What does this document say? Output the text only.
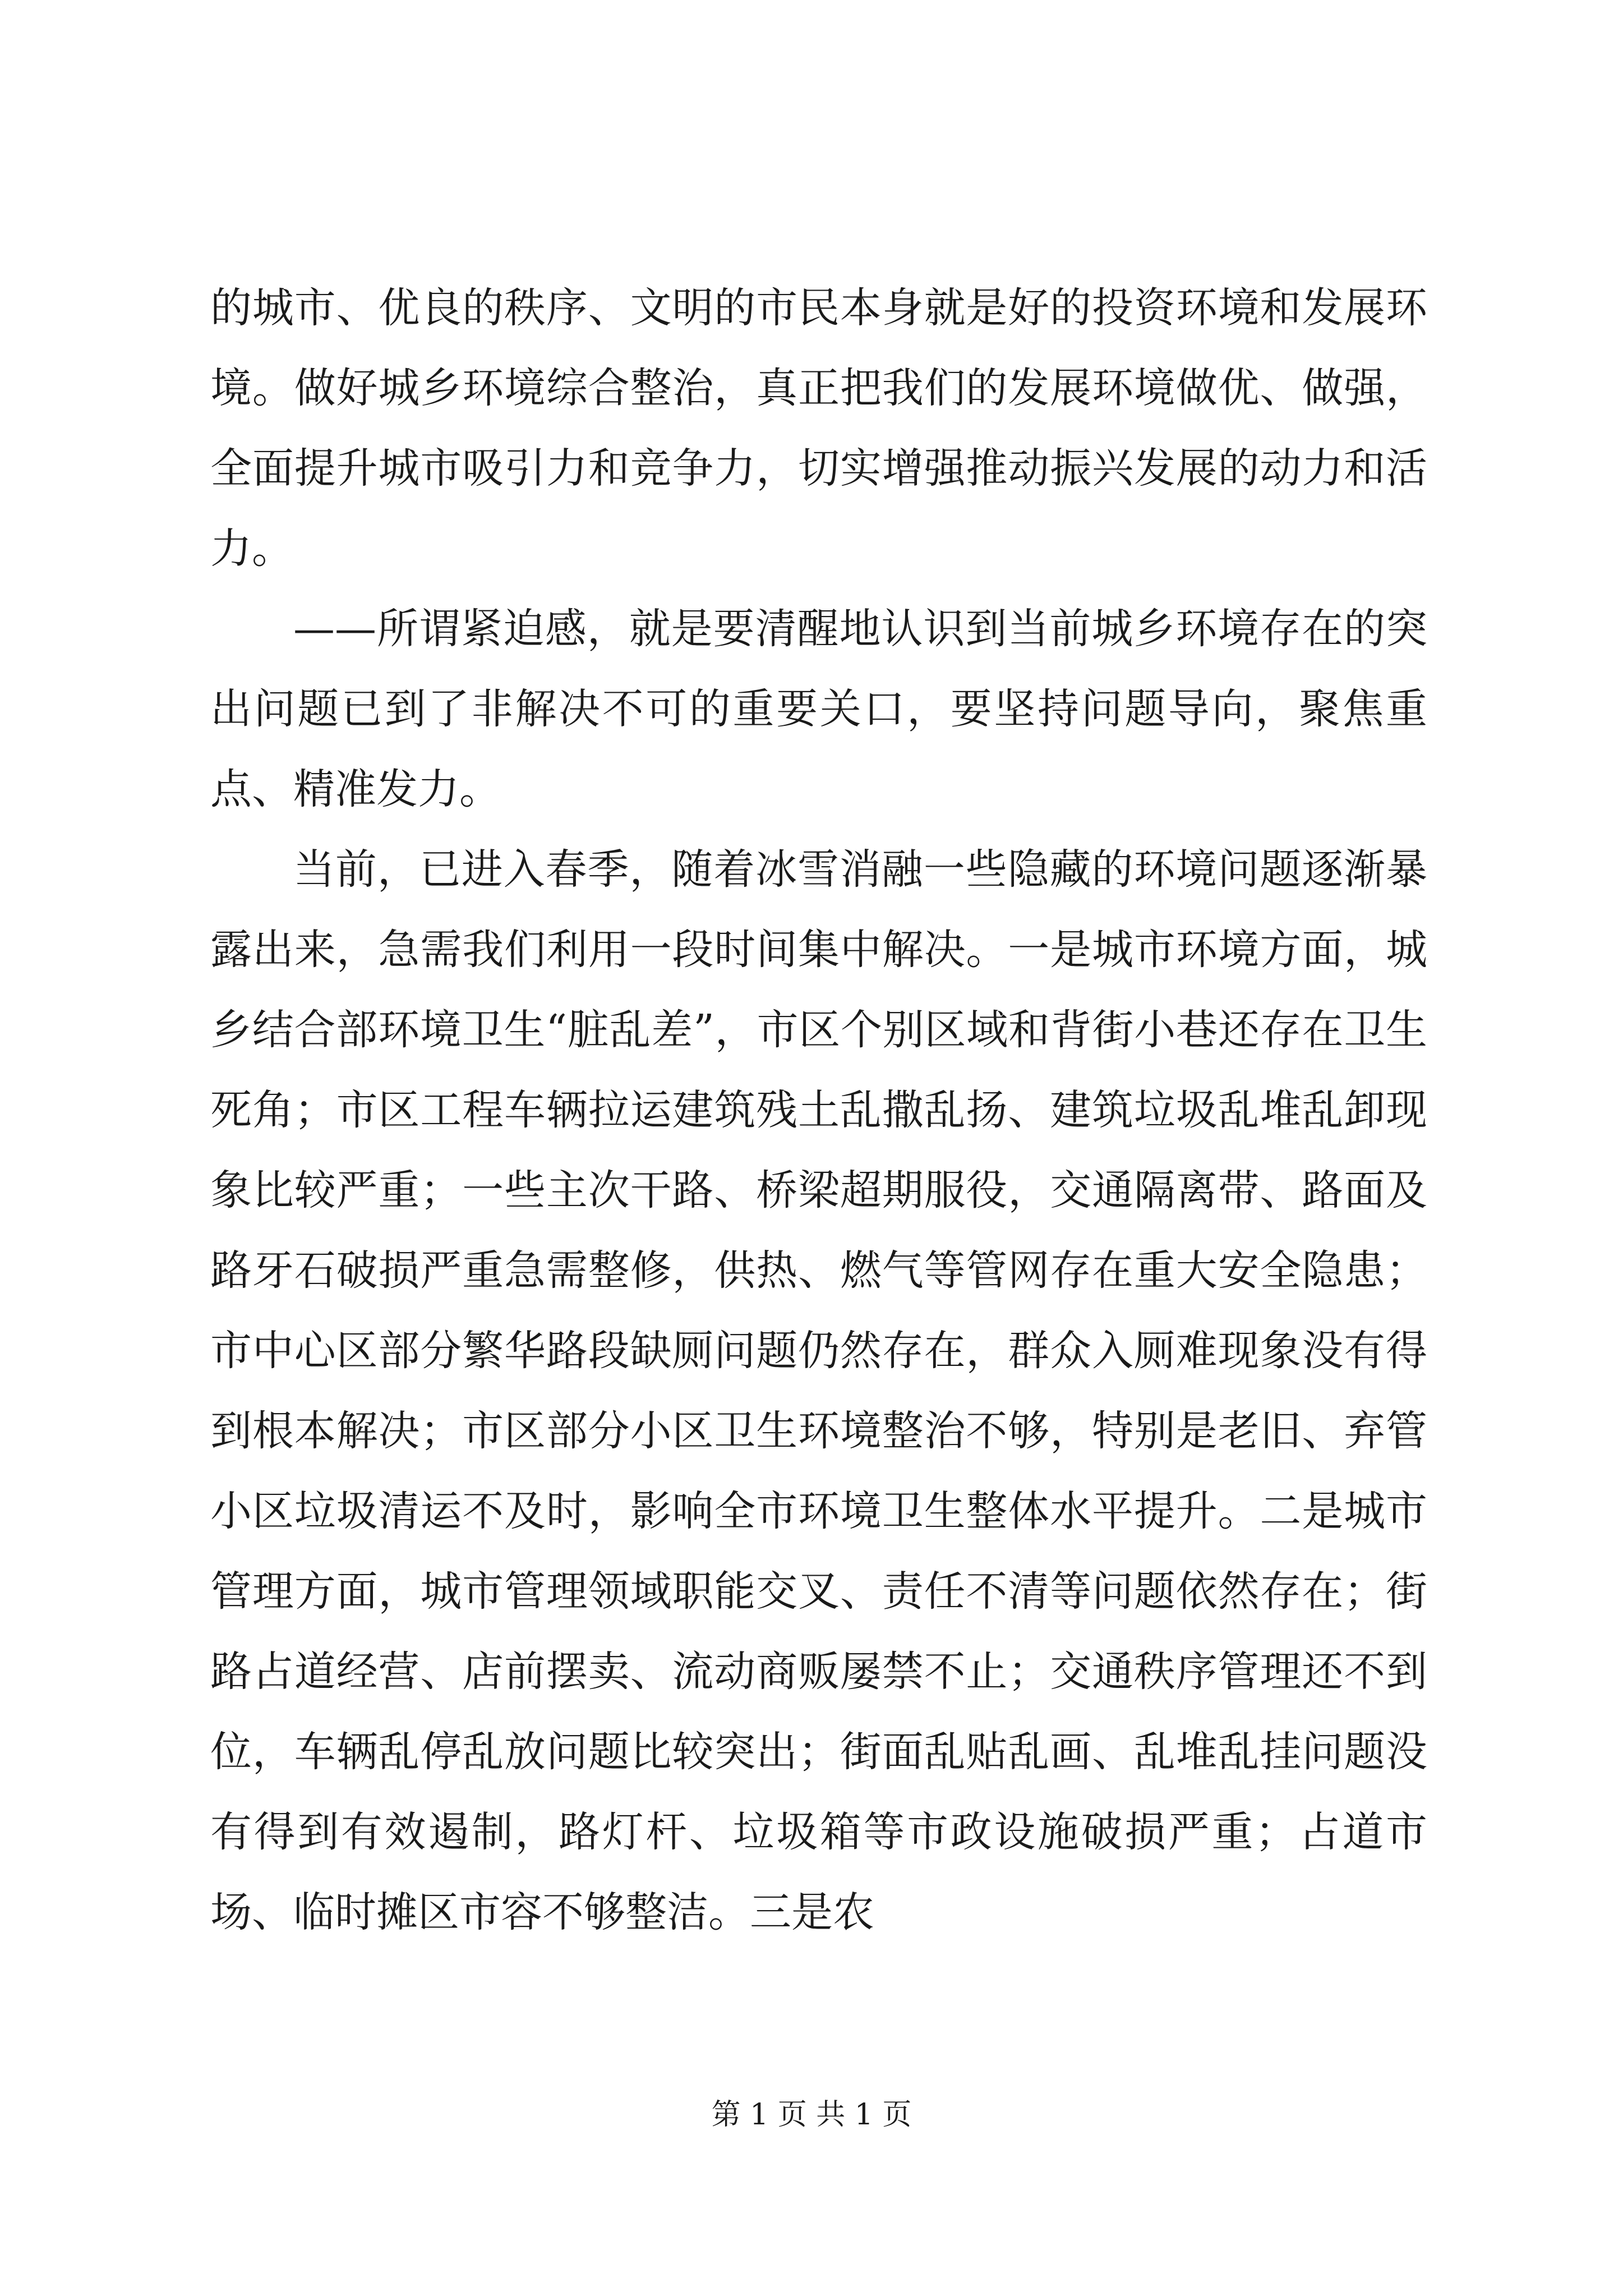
的城市、优良的秩序、文明的市民本身就是好的投资环境和发展环境。做好城乡环境综合整治，真正把我们的发展环境做优、做强，全面提升城市吸引力和竞争力，切实增强推动振兴发展的动力和活力。

——所谓紧迫感，就是要清醒地认识到当前城乡环境存在的突出问题已到了非解决不可的重要关口，要坚持问题导向，聚焦重点、精准发力。

当前，已进入春季，随着冰雪消融一些隐藏的环境问题逐渐暴露出来，急需我们利用一段时间集中解决。一是城市环境方面，城乡结合部环境卫生“脏乱差”，市区个别区域和背街小巷还存在卫生死角；市区工程车辆拉运建筑残土乱撒乱扬、建筑垃圾乱堆乱卸现象比较严重；一些主次干路、桥梁超期服役，交通隔离带、路面及路牙石破损严重急需整修，供热、燃气等管网存在重大安全隐患；市中心区部分繁华路段缺厕问题仍然存在，群众入厕难现象没有得到根本解决；市区部分小区卫生环境整治不够，特别是老旧、弃管小区垃圾清运不及时，影响全市环境卫生整体水平提升。二是城市管理方面，城市管理领域职能交叉、责任不清等问题依然存在；街路占道经营、店前摆卖、流动商贩屡禁不止；交通秩序管理还不到位，车辆乱停乱放问题比较突出；街面乱贴乱画、乱堆乱挂问题没有得到有效遏制，路灯杆、垃圾箱等市政设施破损严重；占道市场、临时摊区市容不够整洁。三是农

第 1 页 共 1 页
